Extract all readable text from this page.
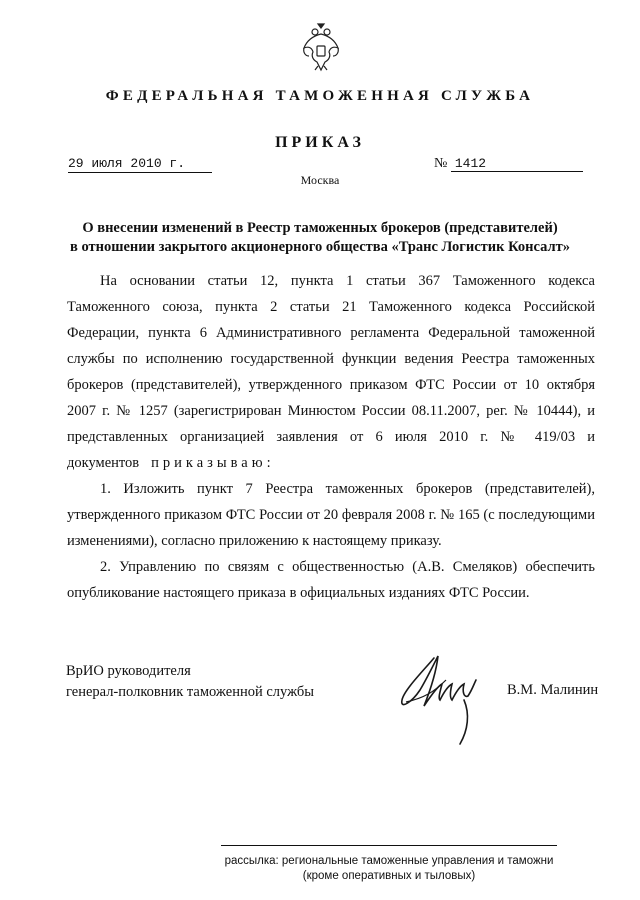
ФЕДЕРАЛЬНАЯ ТАМОЖЕННАЯ СЛУЖБА
ПРИКАЗ
29 июля 2010 г.	№ 1412
Москва
О внесении изменений в Реестр таможенных брокеров (представителей)
в отношении закрытого акционерного общества «Транс Логистик Консалт»

На основании статьи 12, пункта 1 статьи 367 Таможенного кодекса Таможенного союза, пункта 2 статьи 21 Таможенного кодекса Российской Федерации, пункта 6 Административного регламента Федеральной таможенной службы по исполнению государственной функции ведения Реестра таможенных брокеров (представителей), утвержденного приказом ФТС России от 10 октября 2007 г. № 1257 (зарегистрирован Минюстом России 08.11.2007, рег. № 10444), и представленных организацией заявления от 6 июля 2010 г. № 419/03 и документов приказываю:

1. Изложить пункт 7 Реестра таможенных брокеров (представителей), утвержденного приказом ФТС России от 20 февраля 2008 г. № 165 (с последующими изменениями), согласно приложению к настоящему приказу.

2. Управлению по связям с общественностью (А.В. Смеляков) обеспечить опубликование настоящего приказа в официальных изданиях ФТС России.

ВрИО руководителя
генерал-полковник таможенной службы	В.М. Малинин
рассылка: региональные таможенные управления и таможни
(кроме оперативных и тыловых)
